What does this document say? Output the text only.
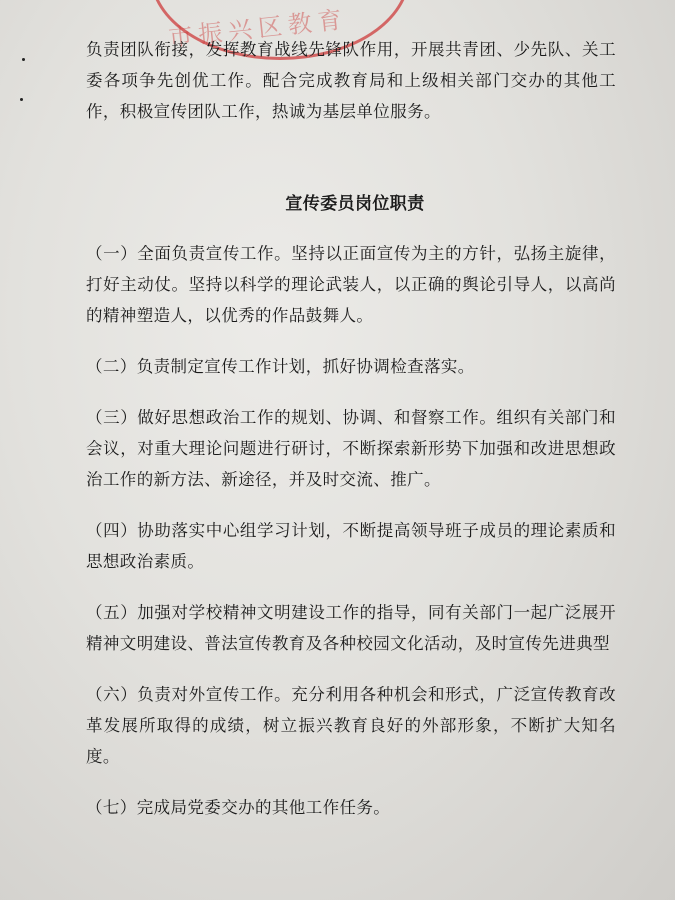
市振兴区教育

负责团队衔接，发挥教育战线先锋队作用，开展共青团、少先队、关工委各项争先创优工作。配合完成教育局和上级相关部门交办的其他工作，积极宣传团队工作，热诚为基层单位服务。

宣传委员岗位职责

（一）全面负责宣传工作。坚持以正面宣传为主的方针，弘扬主旋律，打好主动仗。坚持以科学的理论武装人，以正确的舆论引导人，以高尚的精神塑造人，以优秀的作品鼓舞人。

（二）负责制定宣传工作计划，抓好协调检查落实。

（三）做好思想政治工作的规划、协调、和督察工作。组织有关部门和会议，对重大理论问题进行研讨，不断探索新形势下加强和改进思想政治工作的新方法、新途径，并及时交流、推广。

（四）协助落实中心组学习计划，不断提高领导班子成员的理论素质和思想政治素质。

（五）加强对学校精神文明建设工作的指导，同有关部门一起广泛展开精神文明建设、普法宣传教育及各种校园文化活动，及时宣传先进典型

（六）负责对外宣传工作。充分利用各种机会和形式，广泛宣传教育改革发展所取得的成绩，树立振兴教育良好的外部形象，不断扩大知名度。

（七）完成局党委交办的其他工作任务。
